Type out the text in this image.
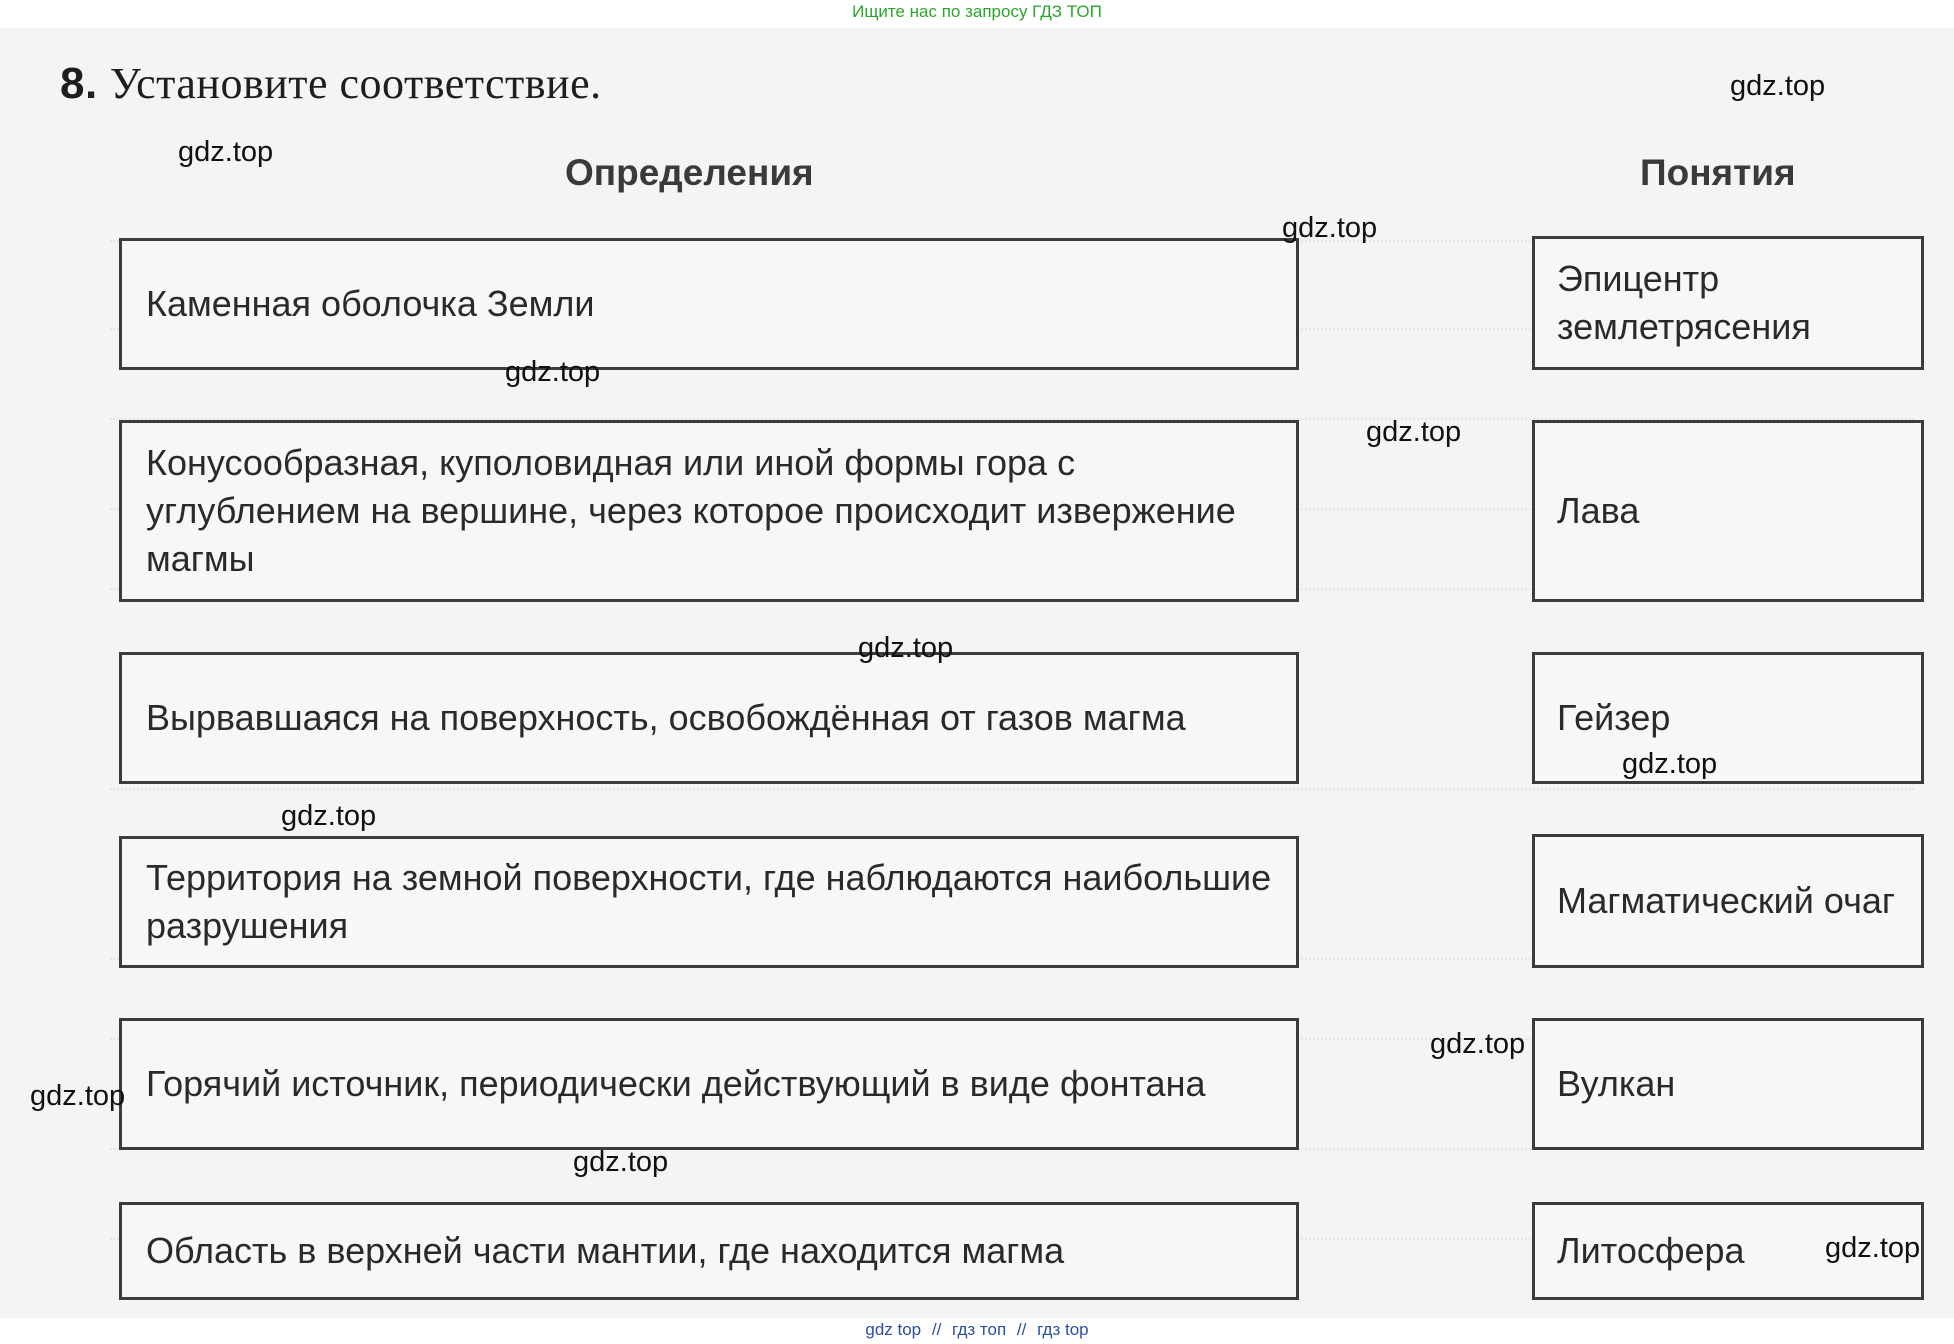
Ищите нас по запросу ГДЗ ТОП
8. Установите соответствие.
Определения	Понятия
Каменная оболочка Земли
Конусообразная, куполовидная или иной формы гора с углублением на вершине, через которое происходит извержение магмы
Вырвавшаяся на поверхность, освобождённая от газов магма
Территория на земной поверхности, где наблюдаются наибольшие разрушения
Горячий источник, периодически действующий в виде фонтана
Область в верхней части мантии, где находится магма
Эпицентр землетрясения
Лава
Гейзер
Магматический очаг
Вулкан
Литосфера
gdz.top
gdz.top
gdz.top
gdz.top
gdz.top
gdz.top
gdz.top
gdz.top
gdz.top
gdz.top
gdz.top
gdz.top
gdz top // гдз топ // гдз top
